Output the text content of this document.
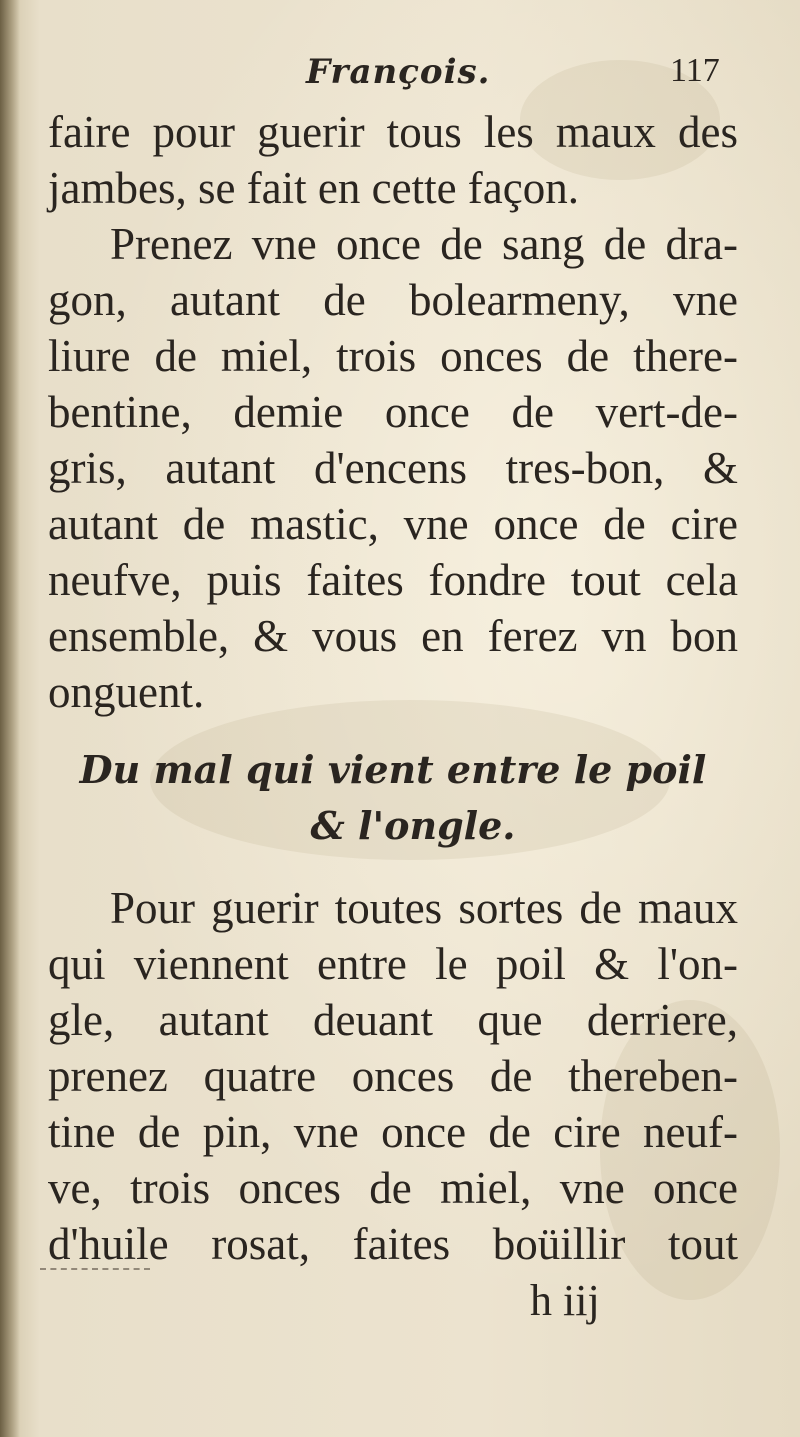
François.	117
faire pour guerir tous les maux des
jambes, se fait en cette façon.
Prenez vne once de sang de dra-
gon, autant de bolearmeny, vne
liure de miel, trois onces de there-
bentine, demie once de vert-de-
gris, autant d'encens tres-bon, &
autant de mastic, vne once de cire
neufve, puis faites fondre tout cela
ensemble, & vous en ferez vn bon
onguent.
Du mal qui vient entre le poil
& l'ongle.
Pour guerir toutes sortes de maux
qui viennent entre le poil & l'on-
gle, autant deuant que derriere,
prenez quatre onces de thereben-
tine de pin, vne once de cire neuf-
ve, trois onces de miel, vne once
d'huile rosat, faites boüillir tout
h iij
